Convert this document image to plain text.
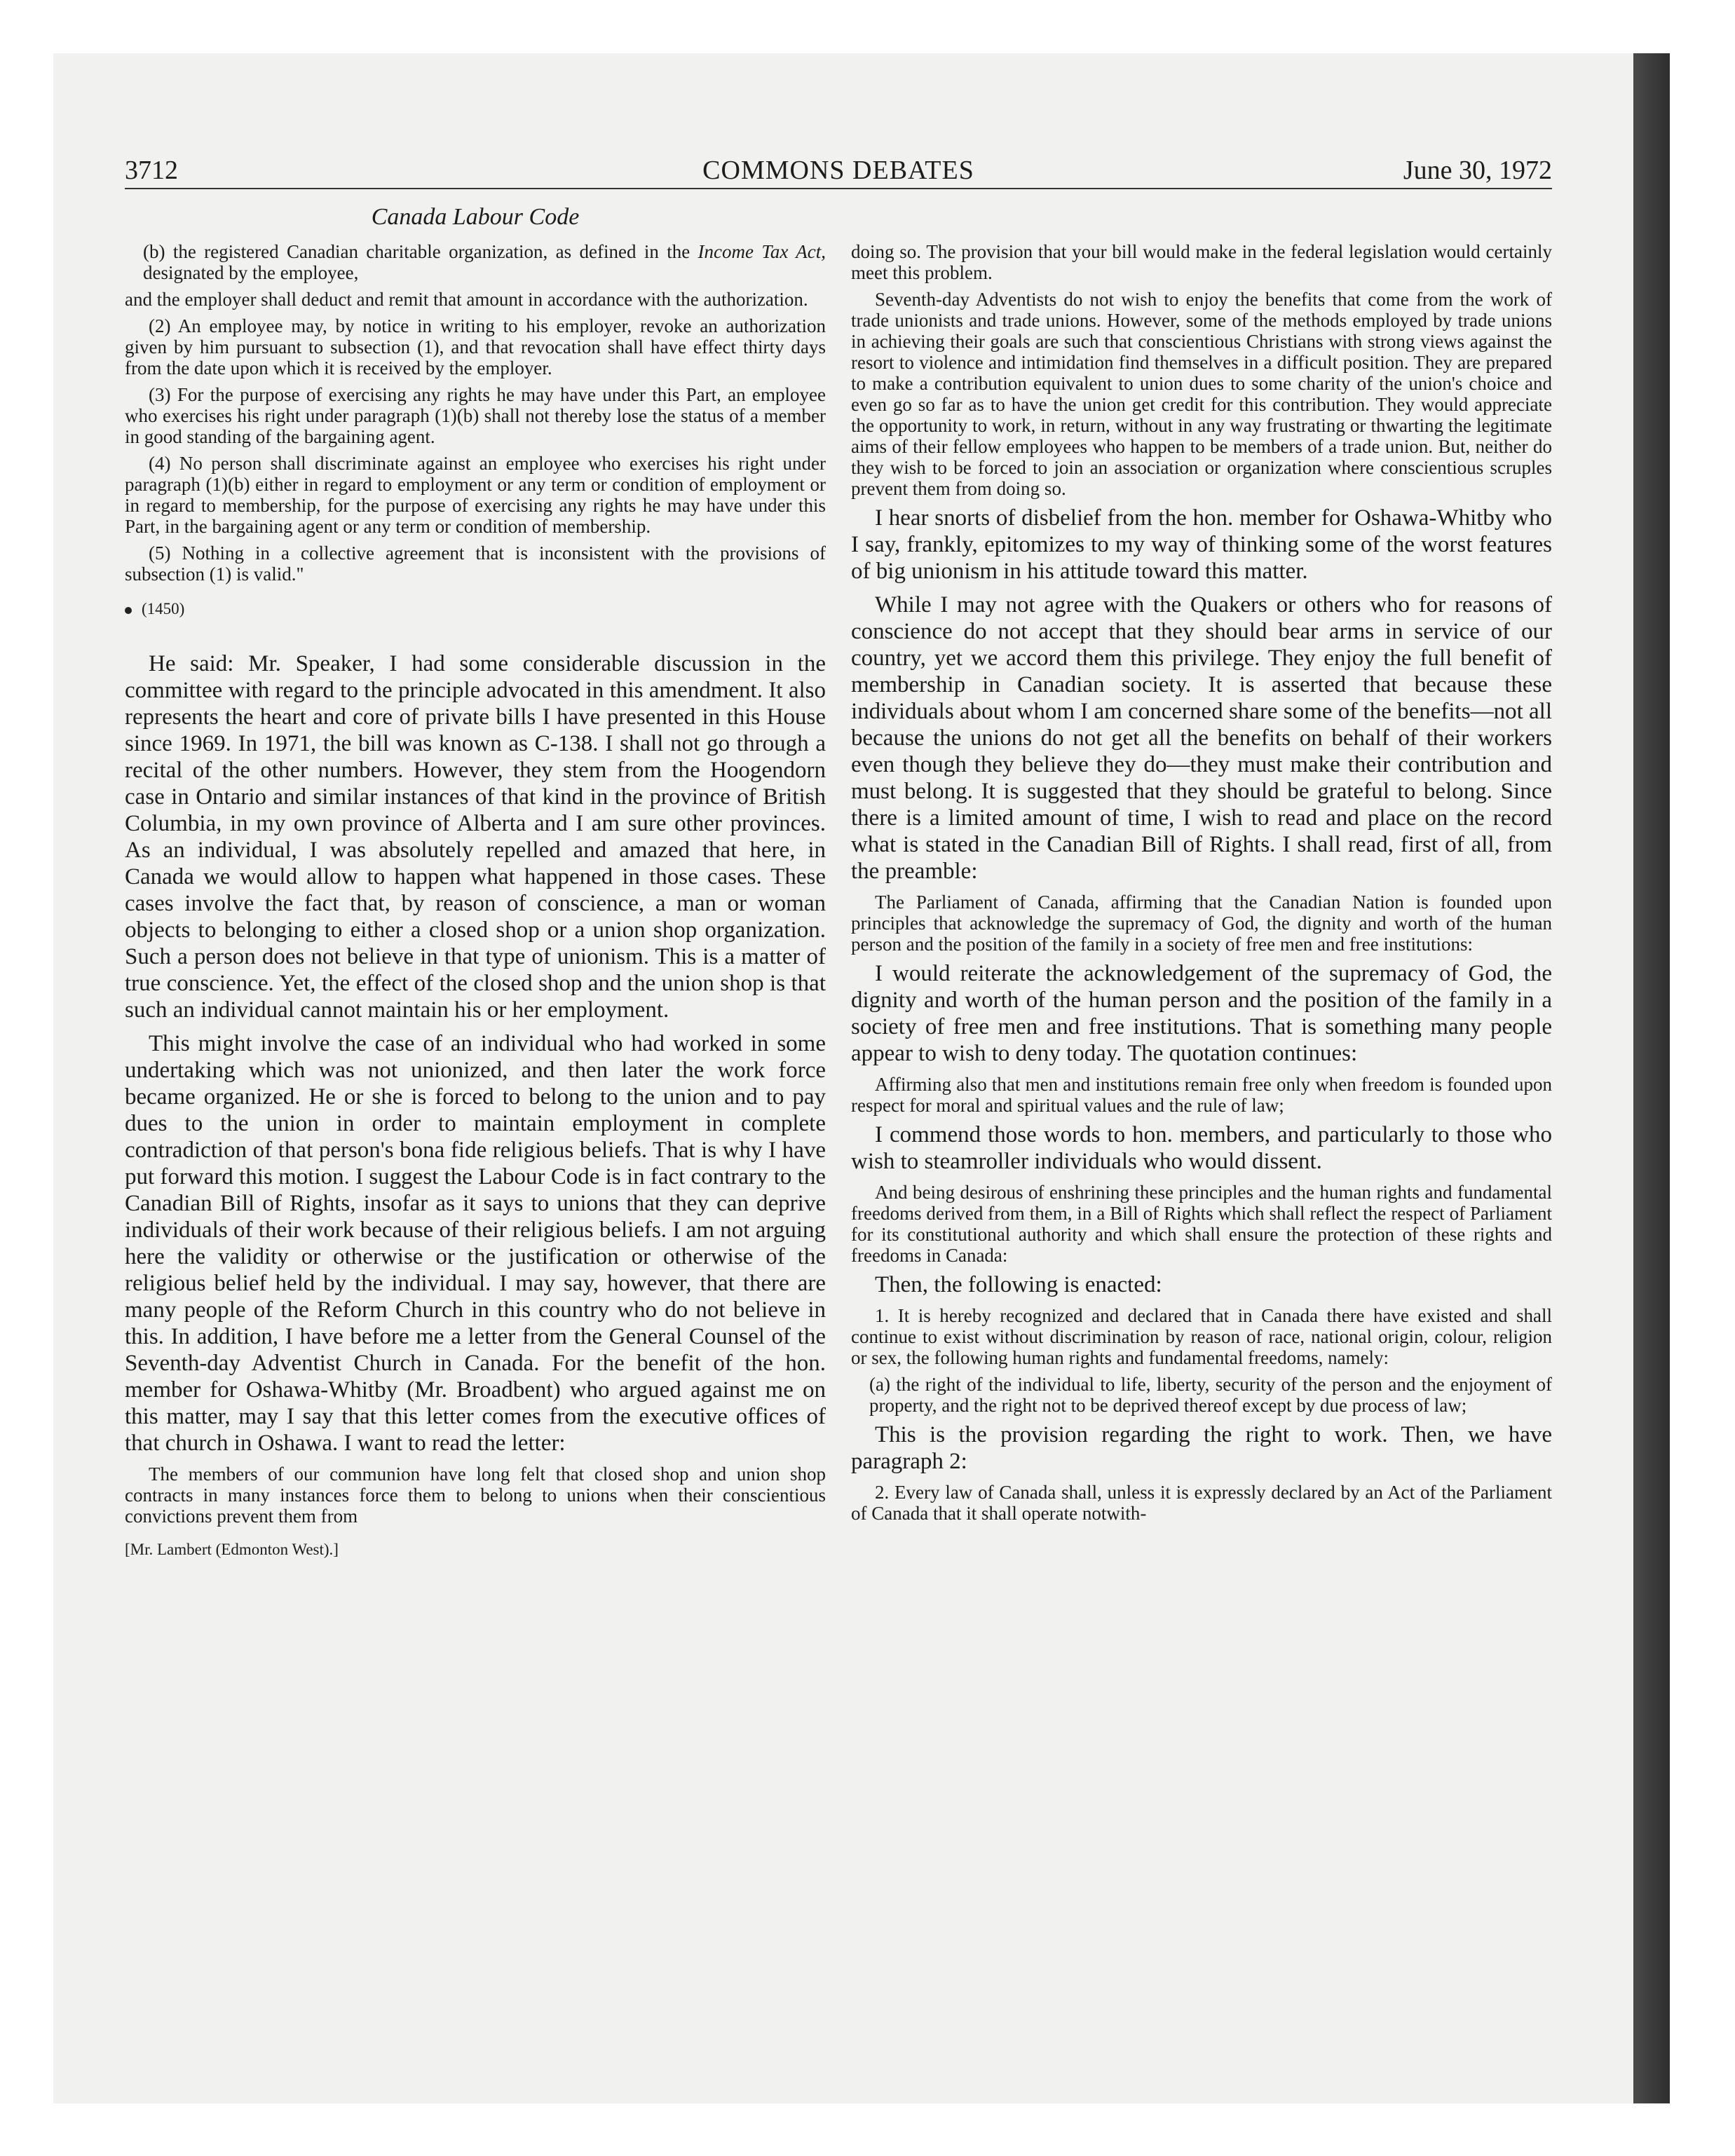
3712	COMMONS DEBATES	June 30, 1972
Canada Labour Code

(b) the registered Canadian charitable organization, as defined in the Income Tax Act, designated by the employee,

and the employer shall deduct and remit that amount in accordance with the authorization.

(2) An employee may, by notice in writing to his employer, revoke an authorization given by him pursuant to subsection (1), and that revocation shall have effect thirty days from the date upon which it is received by the employer.

(3) For the purpose of exercising any rights he may have under this Part, an employee who exercises his right under paragraph (1)(b) shall not thereby lose the status of a member in good standing of the bargaining agent.

(4) No person shall discriminate against an employee who exercises his right under paragraph (1)(b) either in regard to employment or any term or condition of employment or in regard to membership, for the purpose of exercising any rights he may have under this Part, in the bargaining agent or any term or condition of membership.

(5) Nothing in a collective agreement that is inconsistent with the provisions of subsection (1) is valid."

(1450)

He said: Mr. Speaker, I had some considerable discussion in the committee with regard to the principle advocated in this amendment. It also represents the heart and core of private bills I have presented in this House since 1969. In 1971, the bill was known as C-138. I shall not go through a recital of the other numbers. However, they stem from the Hoogendorn case in Ontario and similar instances of that kind in the province of British Columbia, in my own province of Alberta and I am sure other provinces. As an individual, I was absolutely repelled and amazed that here, in Canada we would allow to happen what happened in those cases. These cases involve the fact that, by reason of conscience, a man or woman objects to belonging to either a closed shop or a union shop organization. Such a person does not believe in that type of unionism. This is a matter of true conscience. Yet, the effect of the closed shop and the union shop is that such an individual cannot maintain his or her employment.

This might involve the case of an individual who had worked in some undertaking which was not unionized, and then later the work force became organized. He or she is forced to belong to the union and to pay dues to the union in order to maintain employment in complete contradiction of that person's bona fide religious beliefs. That is why I have put forward this motion. I suggest the Labour Code is in fact contrary to the Canadian Bill of Rights, insofar as it says to unions that they can deprive individuals of their work because of their religious beliefs. I am not arguing here the validity or otherwise or the justification or otherwise of the religious belief held by the individual. I may say, however, that there are many people of the Reform Church in this country who do not believe in this. In addition, I have before me a letter from the General Counsel of the Seventh-day Adventist Church in Canada. For the benefit of the hon. member for Oshawa-Whitby (Mr. Broadbent) who argued against me on this matter, may I say that this letter comes from the executive offices of that church in Oshawa. I want to read the letter:

The members of our communion have long felt that closed shop and union shop contracts in many instances force them to belong to unions when their conscientious convictions prevent them from

[Mr. Lambert (Edmonton West).]

doing so. The provision that your bill would make in the federal legislation would certainly meet this problem.

Seventh-day Adventists do not wish to enjoy the benefits that come from the work of trade unionists and trade unions. However, some of the methods employed by trade unions in achieving their goals are such that conscientious Christians with strong views against the resort to violence and intimidation find themselves in a difficult position. They are prepared to make a contribution equivalent to union dues to some charity of the union's choice and even go so far as to have the union get credit for this contribution. They would appreciate the opportunity to work, in return, without in any way frustrating or thwarting the legitimate aims of their fellow employees who happen to be members of a trade union. But, neither do they wish to be forced to join an association or organization where conscientious scruples prevent them from doing so.

I hear snorts of disbelief from the hon. member for Oshawa-Whitby who I say, frankly, epitomizes to my way of thinking some of the worst features of big unionism in his attitude toward this matter.

While I may not agree with the Quakers or others who for reasons of conscience do not accept that they should bear arms in service of our country, yet we accord them this privilege. They enjoy the full benefit of membership in Canadian society. It is asserted that because these individuals about whom I am concerned share some of the benefits—not all because the unions do not get all the benefits on behalf of their workers even though they believe they do—they must make their contribution and must belong. It is suggested that they should be grateful to belong. Since there is a limited amount of time, I wish to read and place on the record what is stated in the Canadian Bill of Rights. I shall read, first of all, from the preamble:

The Parliament of Canada, affirming that the Canadian Nation is founded upon principles that acknowledge the supremacy of God, the dignity and worth of the human person and the position of the family in a society of free men and free institutions:

I would reiterate the acknowledgement of the supremacy of God, the dignity and worth of the human person and the position of the family in a society of free men and free institutions. That is something many people appear to wish to deny today. The quotation continues:

Affirming also that men and institutions remain free only when freedom is founded upon respect for moral and spiritual values and the rule of law;

I commend those words to hon. members, and particularly to those who wish to steamroller individuals who would dissent.

And being desirous of enshrining these principles and the human rights and fundamental freedoms derived from them, in a Bill of Rights which shall reflect the respect of Parliament for its constitutional authority and which shall ensure the protection of these rights and freedoms in Canada:

Then, the following is enacted:

1. It is hereby recognized and declared that in Canada there have existed and shall continue to exist without discrimination by reason of race, national origin, colour, religion or sex, the following human rights and fundamental freedoms, namely:

(a) the right of the individual to life, liberty, security of the person and the enjoyment of property, and the right not to be deprived thereof except by due process of law;

This is the provision regarding the right to work. Then, we have paragraph 2:

2. Every law of Canada shall, unless it is expressly declared by an Act of the Parliament of Canada that it shall operate notwith-
